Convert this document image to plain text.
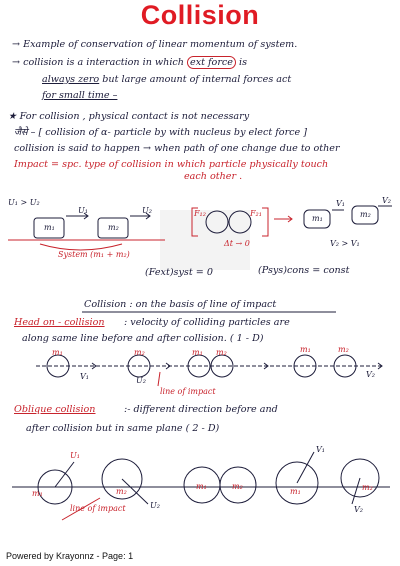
Collision
→ Example of conservation of linear momentum of system.
→ collision is a interaction in which ext force is
always zero but large amount of internal forces act
for small time –
★ For collision , physical contact is not necessary
जैसे – [ collision of α- particle by with nucleus by elect force ]
collision is said to happen → when path of one change due to other
Impact = spc. type of collision in which particle physically touch
each other .
U₁ > U₂
m₁	m₂
U₁	U₂
System (m₁ + m₂)
F₁₂	F₂₁
Δt → 0
m₁	m₂
V₁	V₂
V₂ > V₁
(Fext)syst = 0	(Psys)cons = const
Collision : on the basis of line of impact
Head on - collision : velocity of colliding particles are
along same line before and after collision. ( 1 - D)
m₁	m₂	m₁ m₂	m₁	m₂
V₁	U₂
V₂
line of impact
Oblique collision	:- different direction before and
after collision but in same plane ( 2 - D)
U₁
m₁	m₂
U₂
m₁	m₂
m₁	m₂
V₁
V₂
line of impact
Powered by Krayonnz - Page: 1
